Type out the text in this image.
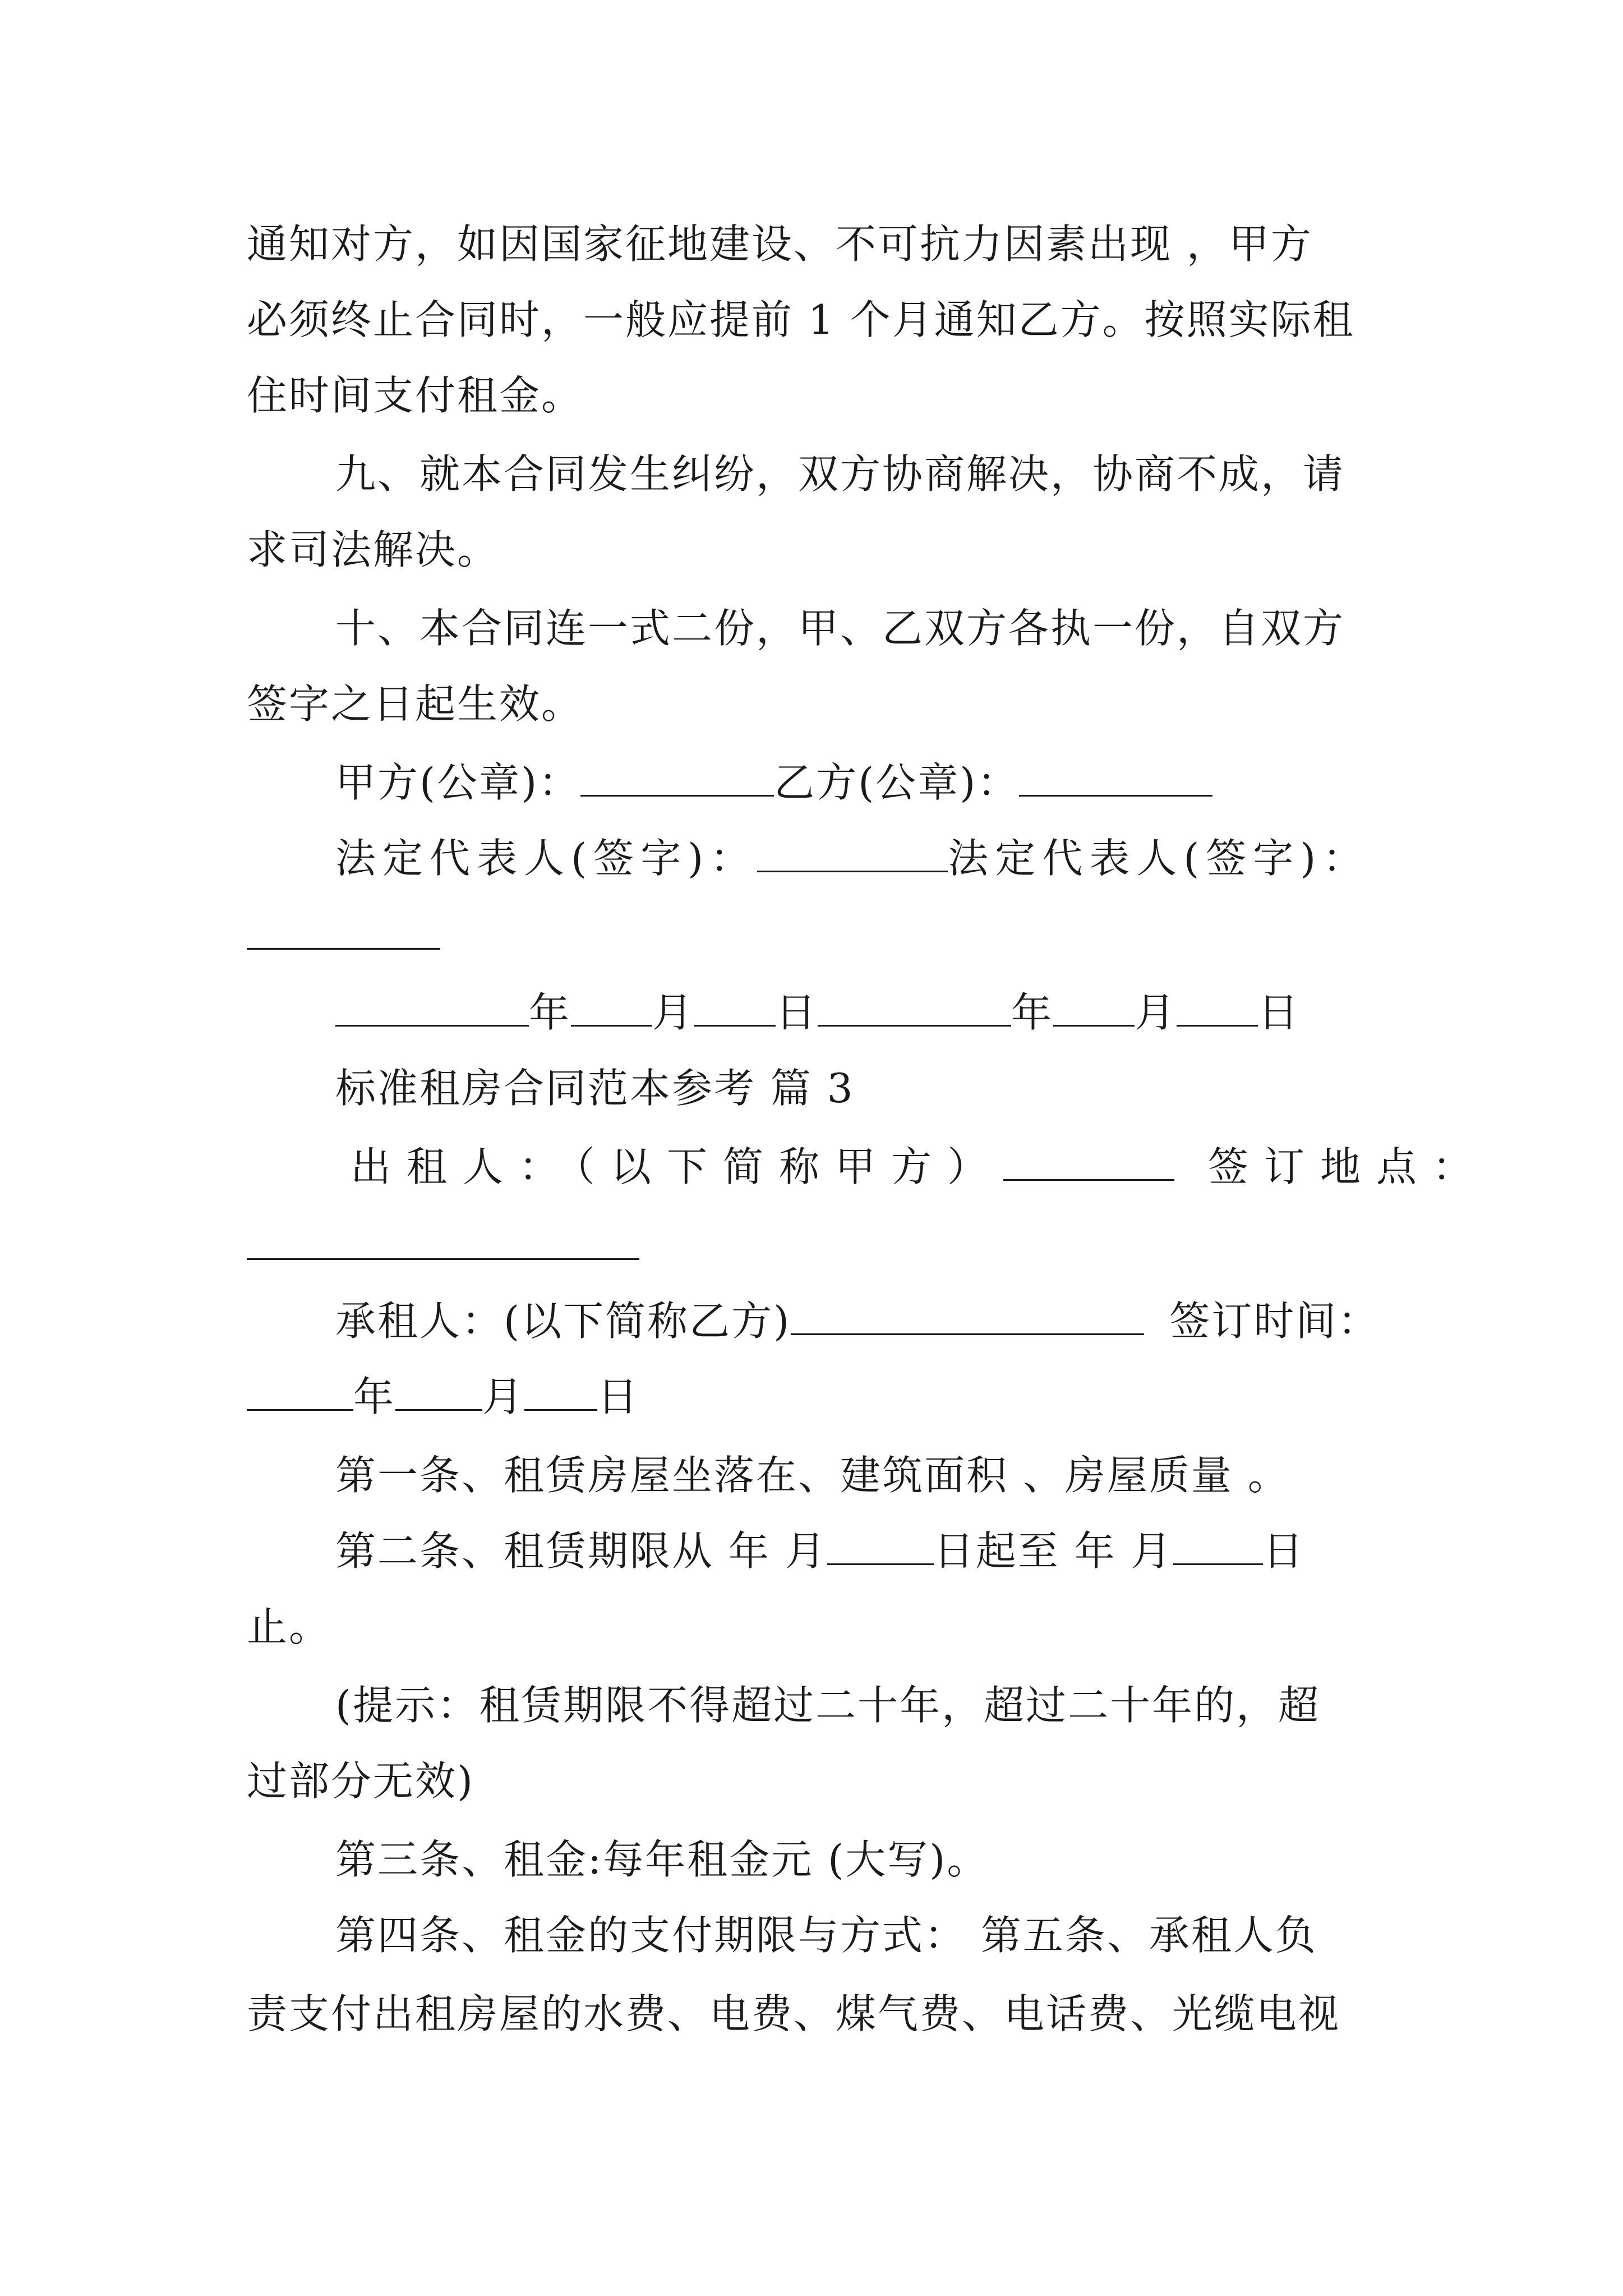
通知对方，如因国家征地建设、不可抗力因素出现 ，甲方
必须终止合同时，一般应提前 1 个月通知乙方。按照实际租
住时间支付租金。
九、就本合同发生纠纷，双方协商解决，协商不成，请
求司法解决。
十、本合同连一式二份，甲、乙双方各执一份，自双方
签字之日起生效。
甲方(公章)：	乙方(公章)：
法定代表人(签字)：	法定代表人(签字)：
年 月 日	年 月 日
标准租房合同范本参考 篇 3
出租人：（以下简称甲方）	签订地点：
承租人：(以下简称乙方)	签订时间：
年 月 日
第一条、租赁房屋坐落在、建筑面积 、房屋质量 。
第二条、租赁期限从 年 月	日起至 年 月 日
止。
(提示：租赁期限不得超过二十年，超过二十年的，超
过部分无效)
第三条、租金:每年租金元 (大写)。
第四条、租金的支付期限与方式： 第五条、承租人负
责支付出租房屋的水费、电费、煤气费、电话费、光缆电视
